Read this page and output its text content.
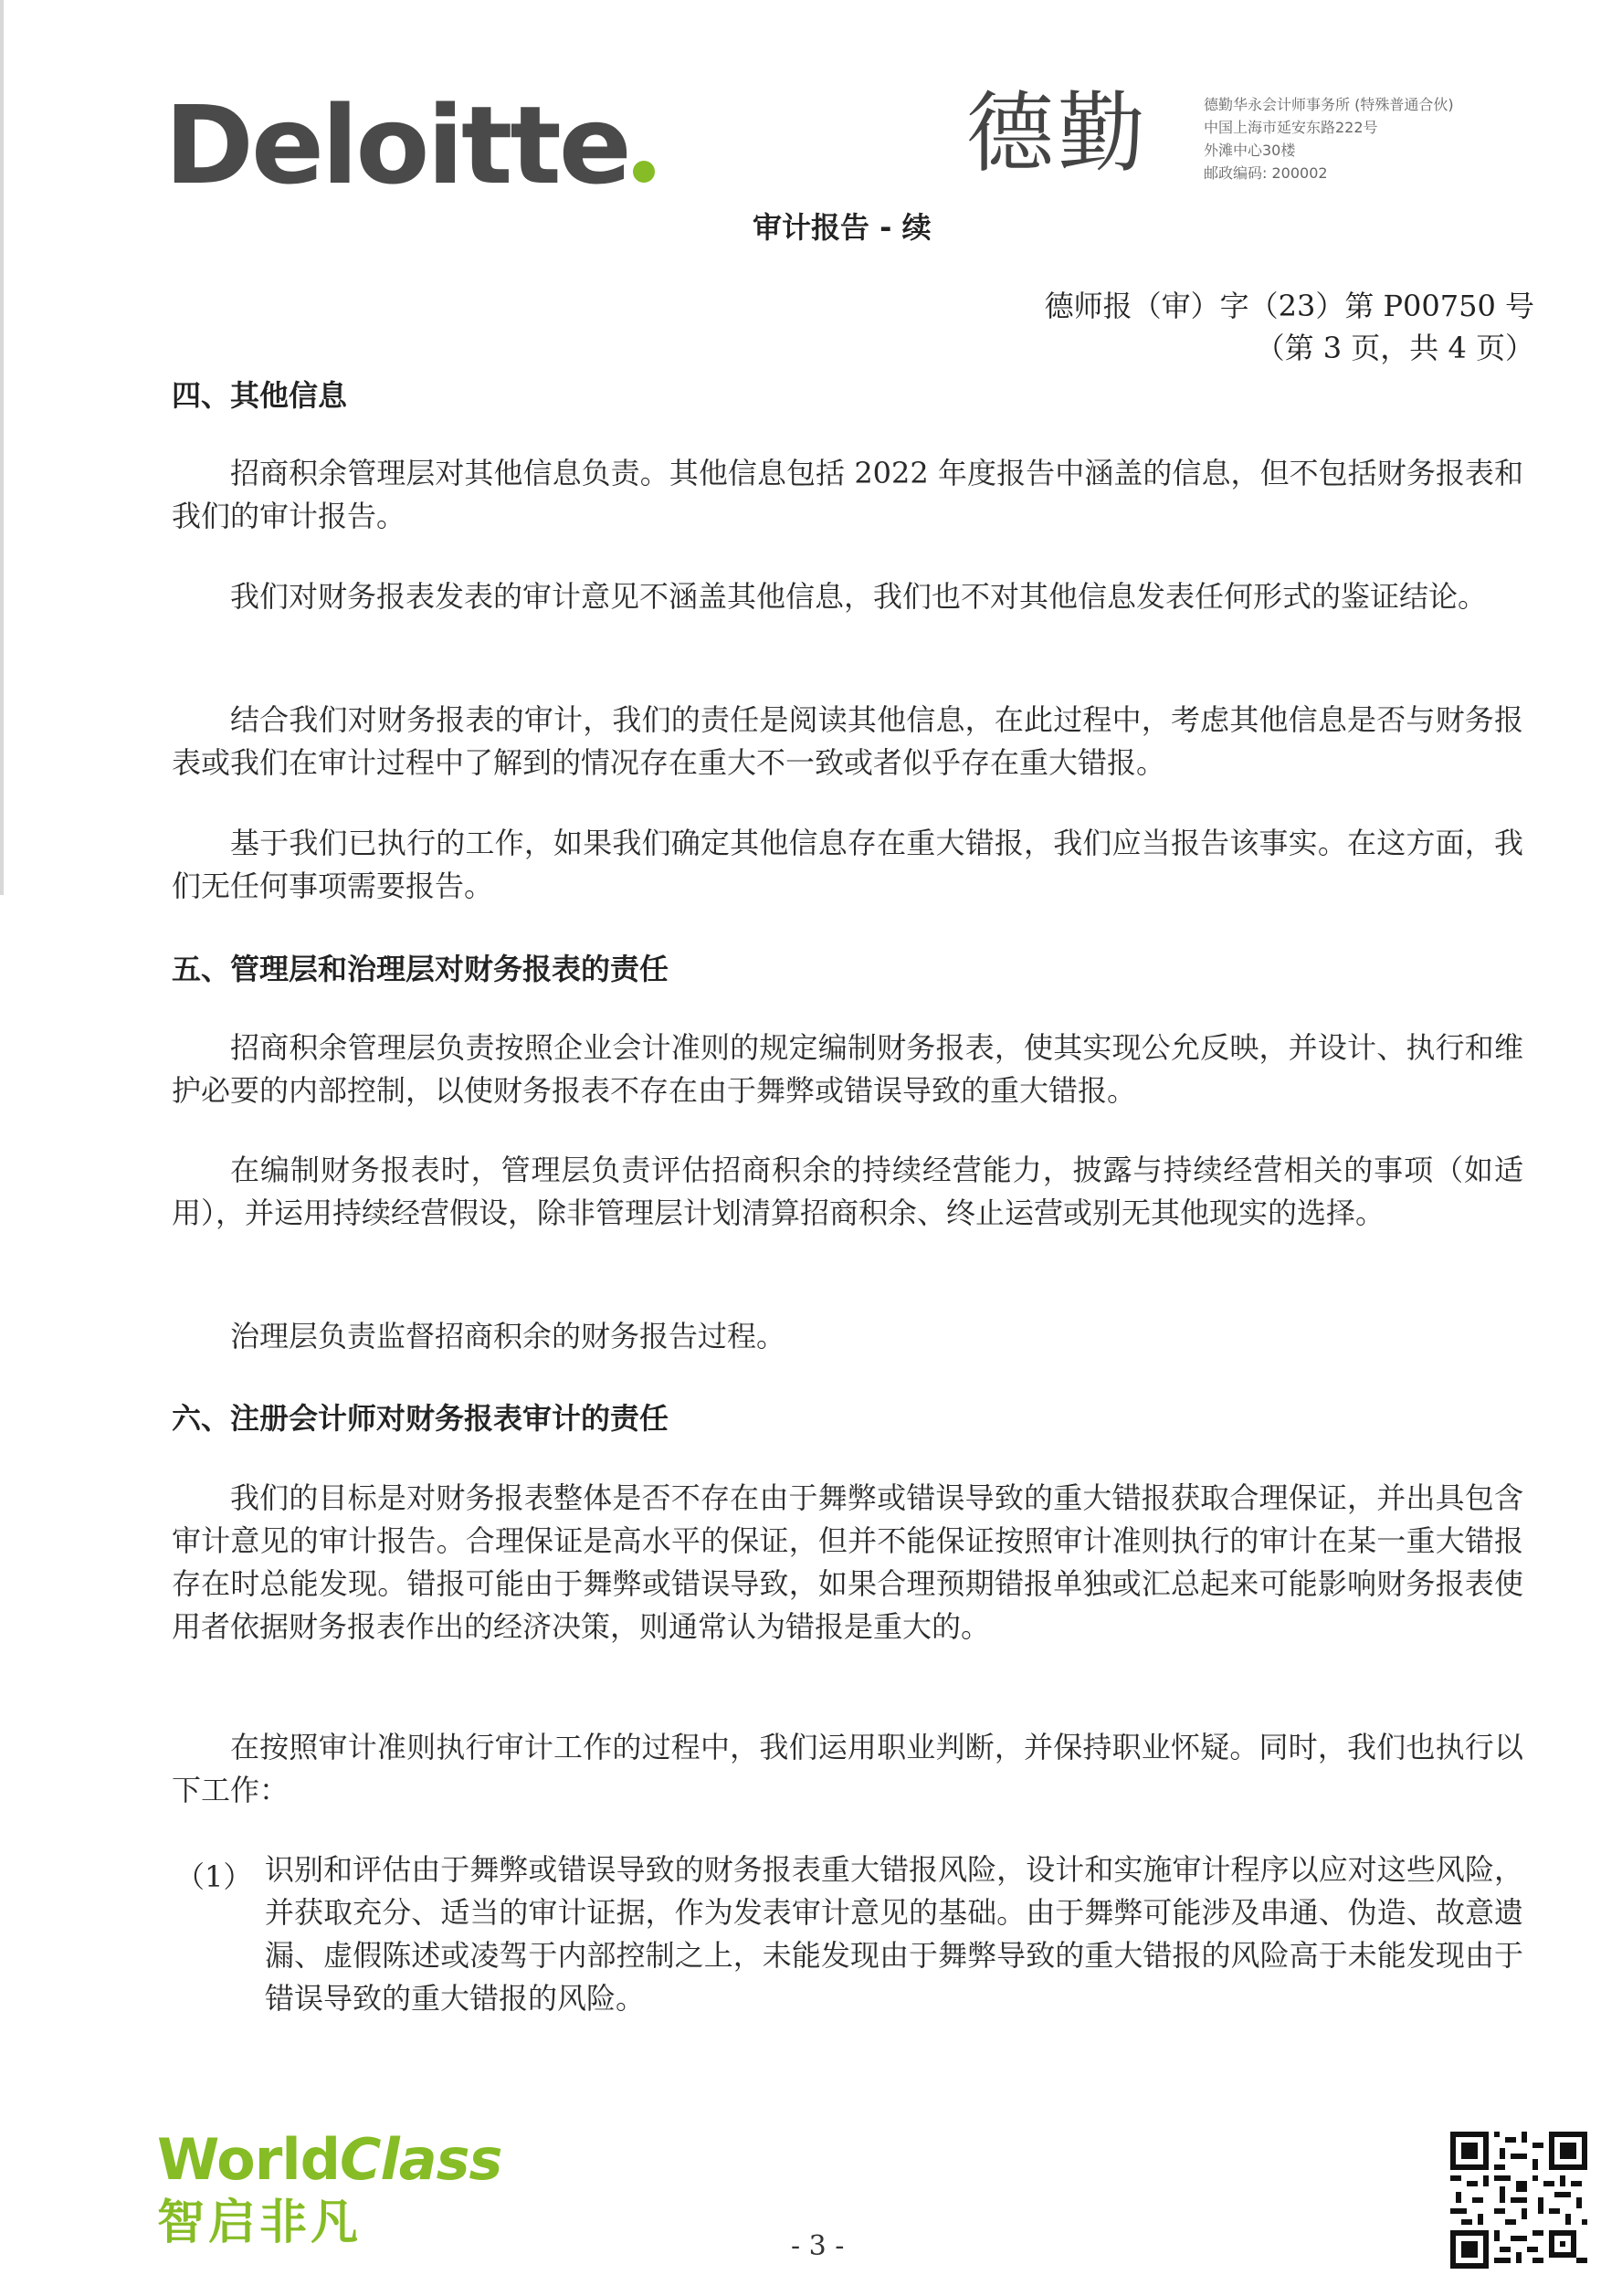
Deloitte	德勤	德勤华永会计师事务所 (特殊普通合伙)
中国上海市延安东路222号
外滩中心30楼
邮政编码: 200002
审计报告 - 续
德师报（审）字（23）第 P00750 号
（第 3 页，共 4 页）
四、其他信息
招商积余管理层对其他信息负责。其他信息包括 2022 年度报告中涵盖的信息，但不包括财务报表和我们的审计报告。
我们对财务报表发表的审计意见不涵盖其他信息，我们也不对其他信息发表任何形式的鉴证结论。
结合我们对财务报表的审计，我们的责任是阅读其他信息，在此过程中，考虑其他信息是否与财务报表或我们在审计过程中了解到的情况存在重大不一致或者似乎存在重大错报。
基于我们已执行的工作，如果我们确定其他信息存在重大错报，我们应当报告该事实。在这方面，我们无任何事项需要报告。
五、管理层和治理层对财务报表的责任
招商积余管理层负责按照企业会计准则的规定编制财务报表，使其实现公允反映，并设计、执行和维护必要的内部控制，以使财务报表不存在由于舞弊或错误导致的重大错报。
在编制财务报表时，管理层负责评估招商积余的持续经营能力，披露与持续经营相关的事项（如适用），并运用持续经营假设，除非管理层计划清算招商积余、终止运营或别无其他现实的选择。
治理层负责监督招商积余的财务报告过程。
六、注册会计师对财务报表审计的责任
我们的目标是对财务报表整体是否不存在由于舞弊或错误导致的重大错报获取合理保证，并出具包含审计意见的审计报告。合理保证是高水平的保证，但并不能保证按照审计准则执行的审计在某一重大错报存在时总能发现。错报可能由于舞弊或错误导致，如果合理预期错报单独或汇总起来可能影响财务报表使用者依据财务报表作出的经济决策，则通常认为错报是重大的。
在按照审计准则执行审计工作的过程中，我们运用职业判断，并保持职业怀疑。同时，我们也执行以下工作：
（1） 识别和评估由于舞弊或错误导致的财务报表重大错报风险，设计和实施审计程序以应对这些风险，并获取充分、适当的审计证据，作为发表审计意见的基础。由于舞弊可能涉及串通、伪造、故意遗漏、虚假陈述或凌驾于内部控制之上，未能发现由于舞弊导致的重大错报的风险高于未能发现由于错误导致的重大错报的风险。
WorldClass
智启非凡	- 3 -
